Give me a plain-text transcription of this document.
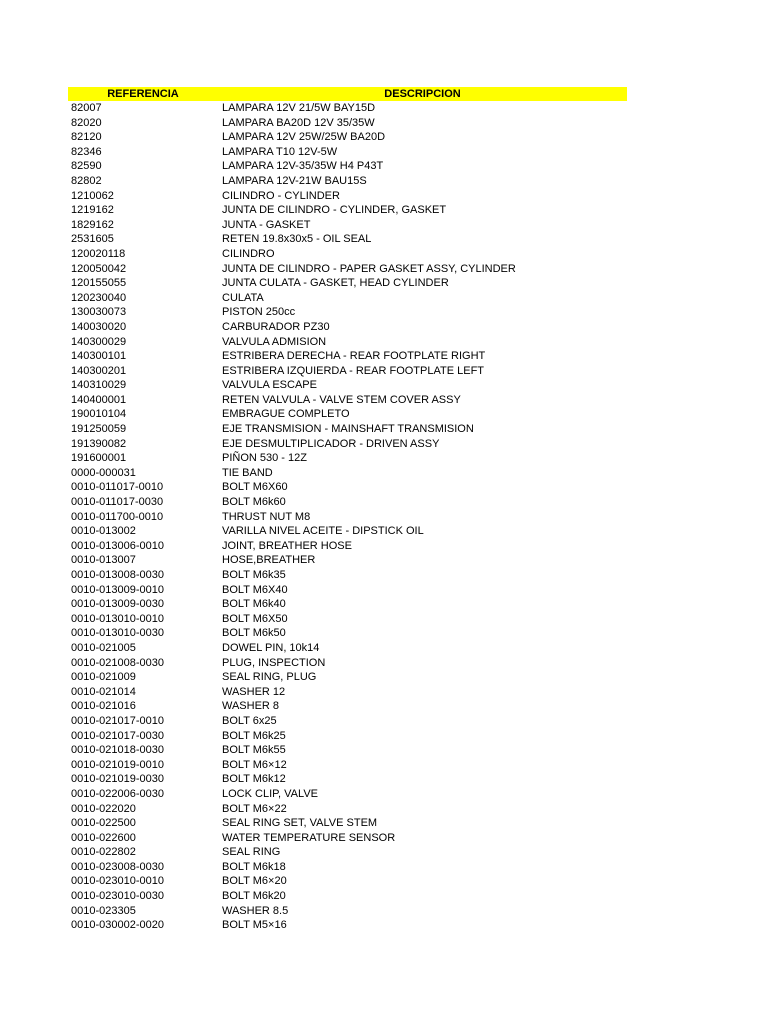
REFERENCIA	DESCRIPCION
82007	LAMPARA 12V 21/5W BAY15D
82020	LAMPARA BA20D 12V 35/35W
82120	LAMPARA 12V 25W/25W BA20D
82346	LAMPARA T10 12V-5W
82590	LAMPARA 12V-35/35W H4 P43T
82802	LAMPARA 12V-21W BAU15S
1210062	CILINDRO - CYLINDER
1219162	JUNTA DE CILINDRO - CYLINDER, GASKET
1829162	JUNTA - GASKET
2531605	RETEN 19.8x30x5 - OIL SEAL
120020118	CILINDRO
120050042	JUNTA DE CILINDRO - PAPER GASKET ASSY, CYLINDER
120155055	JUNTA CULATA - GASKET, HEAD CYLINDER
120230040	CULATA
130030073	PISTON 250cc
140030020	CARBURADOR PZ30
140300029	VALVULA ADMISION
140300101	ESTRIBERA DERECHA - REAR FOOTPLATE RIGHT
140300201	ESTRIBERA IZQUIERDA - REAR FOOTPLATE LEFT
140310029	VALVULA ESCAPE
140400001	RETEN VALVULA - VALVE STEM COVER ASSY
190010104	EMBRAGUE COMPLETO
191250059	EJE TRANSMISION - MAINSHAFT TRANSMISION
191390082	EJE DESMULTIPLICADOR - DRIVEN ASSY
191600001	PIÑON 530 - 12Z
0000-000031	TIE BAND
0010-011017-0010	BOLT M6X60
0010-011017-0030	BOLT M6k60
0010-011700-0010	THRUST NUT M8
0010-013002	VARILLA NIVEL ACEITE - DIPSTICK OIL
0010-013006-0010	JOINT, BREATHER HOSE
0010-013007	HOSE,BREATHER
0010-013008-0030	BOLT M6k35
0010-013009-0010	BOLT M6X40
0010-013009-0030	BOLT M6k40
0010-013010-0010	BOLT M6X50
0010-013010-0030	BOLT M6k50
0010-021005	DOWEL PIN, 10k14
0010-021008-0030	PLUG, INSPECTION
0010-021009	SEAL RING, PLUG
0010-021014	WASHER 12
0010-021016	WASHER 8
0010-021017-0010	BOLT 6x25
0010-021017-0030	BOLT M6k25
0010-021018-0030	BOLT M6k55
0010-021019-0010	BOLT M6×12
0010-021019-0030	BOLT M6k12
0010-022006-0030	LOCK CLIP, VALVE
0010-022020	BOLT M6×22
0010-022500	SEAL RING SET, VALVE STEM
0010-022600	WATER TEMPERATURE SENSOR
0010-022802	SEAL RING
0010-023008-0030	BOLT M6k18
0010-023010-0010	BOLT M6×20
0010-023010-0030	BOLT M6k20
0010-023305	WASHER 8.5
0010-030002-0020	BOLT M5×16
